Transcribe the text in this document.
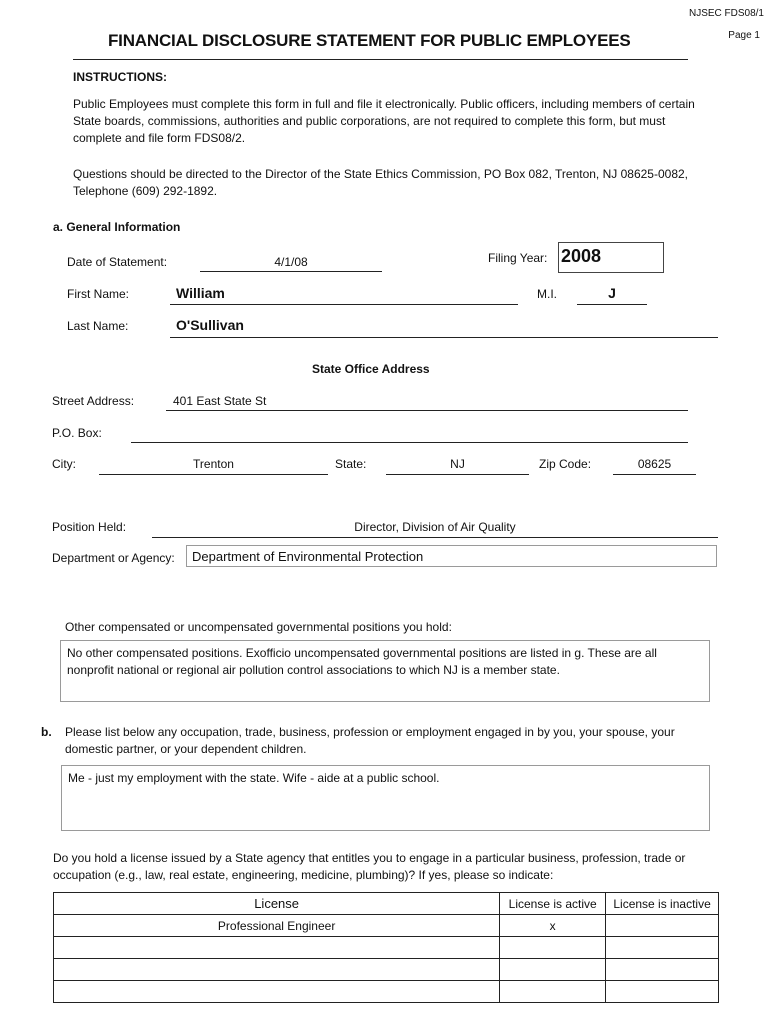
NJSEC FDS08/1
Page 1
FINANCIAL DISCLOSURE STATEMENT FOR PUBLIC EMPLOYEES
INSTRUCTIONS:
Public Employees must complete this form in full and file it electronically. Public officers, including members of certain State boards, commissions, authorities and public corporations, are not required to complete this form, but must complete and file form FDS08/2.
Questions should be directed to the Director of the State Ethics Commission, PO Box 082, Trenton, NJ 08625-0082, Telephone (609) 292-1892.
a. General Information
Date of Statement:	4/1/08	Filing Year: 2008
First Name:	William	M.I.	J
Last Name:	O'Sullivan
State Office Address
Street Address:	401 East State St
P.O. Box:
City:	Trenton	State:	NJ	Zip Code:	08625
Position Held:	Director, Division of Air Quality
Department or Agency:	Department of Environmental Protection
Other compensated or uncompensated governmental positions you hold:
No other compensated positions. Exofficio uncompensated governmental positions are listed in g. These are all nonprofit national or regional air pollution control associations to which NJ is a member state.
b. Please list below any occupation, trade, business, profession or employment engaged in by you, your spouse, your domestic partner, or your dependent children.
Me - just my employment with the state. Wife - aide at a public school.
Do you hold a license issued by a State agency that entitles you to engage in a particular business, profession, trade or occupation (e.g., law, real estate, engineering, medicine, plumbing)? If yes, please so indicate:
License	License is active	License is inactive
Professional Engineer	x	
